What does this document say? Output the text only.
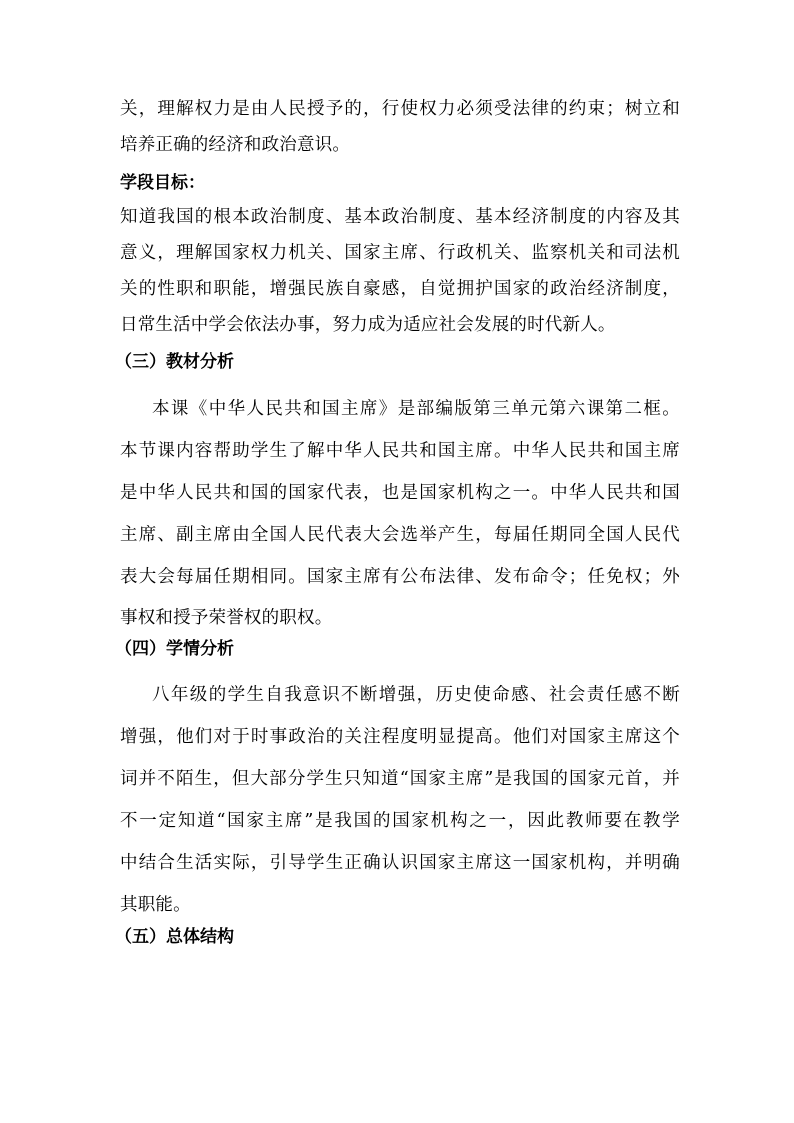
关，理解权力是由人民授予的，行使权力必须受法律的约束；树立和
培养正确的经济和政治意识。
学段目标：
知道我国的根本政治制度、基本政治制度、基本经济制度的内容及其
意义，理解国家权力机关、国家主席、行政机关、监察机关和司法机
关的性职和职能，增强民族自豪感，自觉拥护国家的政治经济制度，
日常生活中学会依法办事，努力成为适应社会发展的时代新人。
（三）教材分析
本课《中华人民共和国主席》是部编版第三单元第六课第二框。
本节课内容帮助学生了解中华人民共和国主席。中华人民共和国主席
是中华人民共和国的国家代表，也是国家机构之一。中华人民共和国
主席、副主席由全国人民代表大会选举产生，每届任期同全国人民代
表大会每届任期相同。国家主席有公布法律、发布命令；任免权；外
事权和授予荣誉权的职权。
（四）学情分析
八年级的学生自我意识不断增强，历史使命感、社会责任感不断
增强，他们对于时事政治的关注程度明显提高。他们对国家主席这个
词并不陌生，但大部分学生只知道“国家主席”是我国的国家元首，并
不一定知道“国家主席”是我国的国家机构之一，因此教师要在教学
中结合生活实际，引导学生正确认识国家主席这一国家机构，并明确
其职能。
（五）总体结构
